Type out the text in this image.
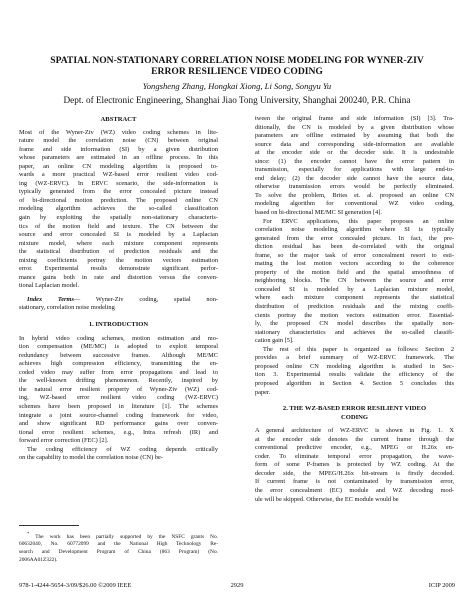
SPATIAL NON-STATIONARY CORRELATION NOISE MODELING FOR WYNER-ZIV
ERROR RESILIENCE VIDEO CODING
Yongsheng Zhang, Hongkai Xiong, Li Song, Songyu Yu
Dept. of Electronic Engineering, Shanghai Jiao Tong University, Shanghai 200240, P.R. China
ABSTRACT
Most of the Wyner-Ziv (WZ) video coding schemes in lite-
rature model the correlation noise (CN) between original
frame and side information (SI) by a given distribution
whose parameters are estimated in an offline process. In this
paper, an online CN modeling algorithm is proposed to-
wards a more practical WZ-based error resilient video cod-
ing (WZ-ERVC). In ERVC scenario, the side-information is
typically generated from the error concealed picture instead
of bi-directional motion prediction. The proposed online CN
modeling algorithm achieves the so-called classification
gain by exploiting the spatially non-stationary characteris-
tics of the motion field and texture. The CN between the
source and error concealed SI is modeled by a Laplacian
mixture model, where each mixture component represents
the statistical distribution of prediction residuals and the
mixing coefficients portray the motion vectors estimation
error. Experimental results demonstrate significant perfor-
mance gains both in rate and distortion versus the conven-
tional Laplacian model.
Index Terms— Wyner-Ziv coding, spatial non-
stationary, correlation noise modeling
1. INTRODUCTION
In hybrid video coding schemes, motion estimation and mo-
tion compensation (ME/MC) is adopted to exploit temporal
redundancy between successive frames. Although ME/MC
achieves high compression efficiency, transmitting the en-
coded video may suffer from error propagations and lead to
the well-known drifting phenomenon. Recently, inspired by
the natural error resilient property of Wyner-Ziv (WZ) cod-
ing, WZ-based error resilient video coding (WZ-ERVC)
schemes have been proposed in literature [1]. The schemes
integrate a joint source-channel coding framework for video,
and show significant RD performance gains over conven-
tional error resilient schemes, e.g., Intra refresh (IR) and
forward error correction (FEC) [2].
The coding efficiency of WZ coding depends critically
on the capability to model the correlation noise (CN) be-
* The work has been partially supported by the NSFC grants No.
60632040, No. 60772099 and the National High Technology Re-
search and Development Program of China (863 Program) (No.
2006AA01Z322).
tween the original frame and side information (SI) [3]. Tra-
ditionally, the CN is modeled by a given distribution whose
parameters are offline estimated by assuming that both the
source data and corresponding side-information are available
at the encoder side or the decoder side. It is undesirable
since: (1) the encoder cannot have the error pattern in
transmission, especially for applications with large end-to-
end delay; (2) the decoder side cannot have the source data,
otherwise transmission errors would be perfectly eliminated.
To solve the problem, Brites et. al. proposed an online CN
modeling algorithm for conventional WZ video coding,
based on bi-directional ME/MC SI generation [4].
For ERVC applications, this paper proposes an online
correlation noise modeling algorithm where SI is typically
generated from the error concealed picture. In fact, the pre-
diction residual has been de-correlated with the original
frame, so the major task of error concealment resort to esti-
mating the lost motion vectors according to the coherence
property of the motion field and the spatial smoothness of
neighboring blocks. The CN between the source and error
concealed SI is modeled by a Laplacian mixture model,
where each mixture component represents the statistical
distribution of prediction residuals and the mixing coeffi-
cients portray the motion vectors estimation error. Essential-
ly, the proposed CN model describes the spatially non-
stationary characteristics and achieves the so-called classifi-
cation gain [5].
The rest of this paper is organized as follows: Section 2
provides a brief summary of WZ-ERVC framework. The
proposed online CN modeling algorithm is studied in Sec-
tion 3. Experimental results validate the efficiency of the
proposed algorithm in Section 4. Section 5 concludes this
paper.
2. THE WZ-BASED ERROR RESILIENT VIDEO
CODING
A general architecture of WZ-ERVC is shown in Fig. 1. X
at the encoder side denotes the current frame through the
conventional predictive encoder, e.g., MPEG or H.26x en-
coder. To eliminate temporal error propagation, the wave-
form of some P-frames is protected by WZ coding. At the
decoder side, the MPEG/H.26x bit-stream is firstly decoded.
If current frame is not contaminated by transmission error,
the error concealment (EC) module and WZ decoding mod-
ule will be skipped. Otherwise, the EC module would be
978-1-4244-5654-3/09/$26.00 ©2009 IEEE	2929	ICIP 2009
